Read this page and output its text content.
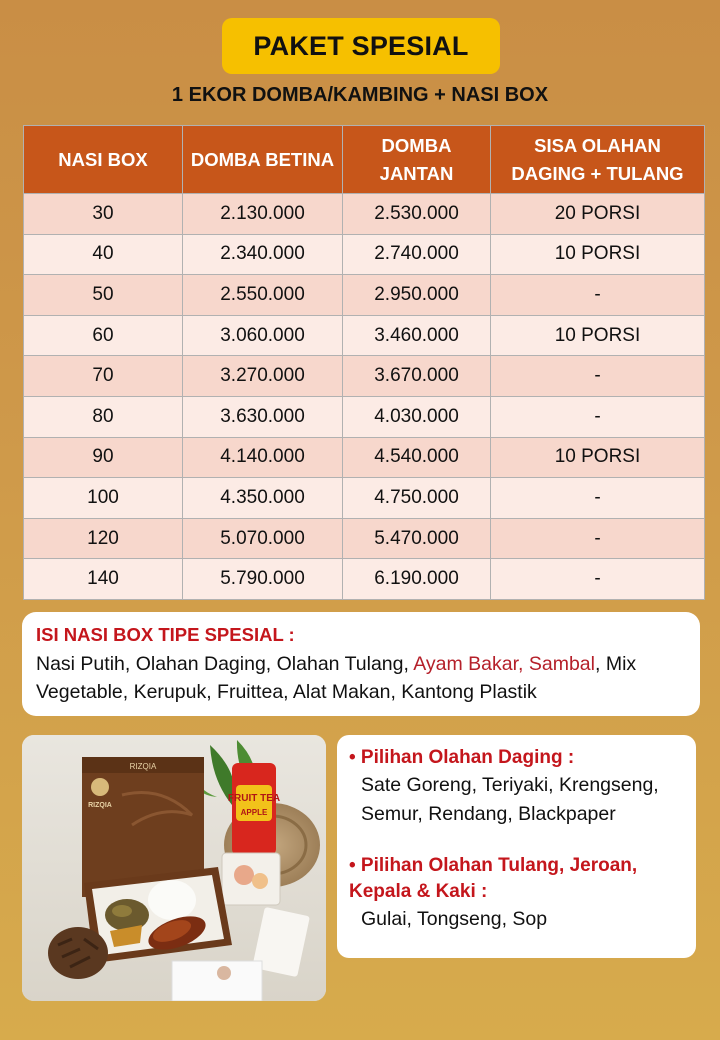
PAKET SPESIAL
1 EKOR DOMBA/KAMBING + NASI BOX
NASI BOX	DOMBA BETINA	DOMBA JANTAN	SISA OLAHAN DAGING + TULANG
30	2.130.000	2.530.000	20 PORSI
40	2.340.000	2.740.000	10 PORSI
50	2.550.000	2.950.000	-
60	3.060.000	3.460.000	10 PORSI
70	3.270.000	3.670.000	-
80	3.630.000	4.030.000	-
90	4.140.000	4.540.000	10 PORSI
100	4.350.000	4.750.000	-
120	5.070.000	5.470.000	-
140	5.790.000	6.190.000	-
ISI NASI BOX TIPE SPESIAL :
Nasi Putih, Olahan Daging, Olahan Tulang, Ayam Bakar, Sambal, Mix Vegetable, Kerupuk, Fruittea, Alat Makan, Kantong Plastik
RIZQIA
RIZQIA
FRUIT TEA
APPLE
• Pilihan Olahan Daging :
Sate Goreng, Teriyaki, Krengseng, Semur, Rendang, Blackpaper
• Pilihan Olahan Tulang, Jeroan, Kepala & Kaki :
Gulai, Tongseng, Sop
